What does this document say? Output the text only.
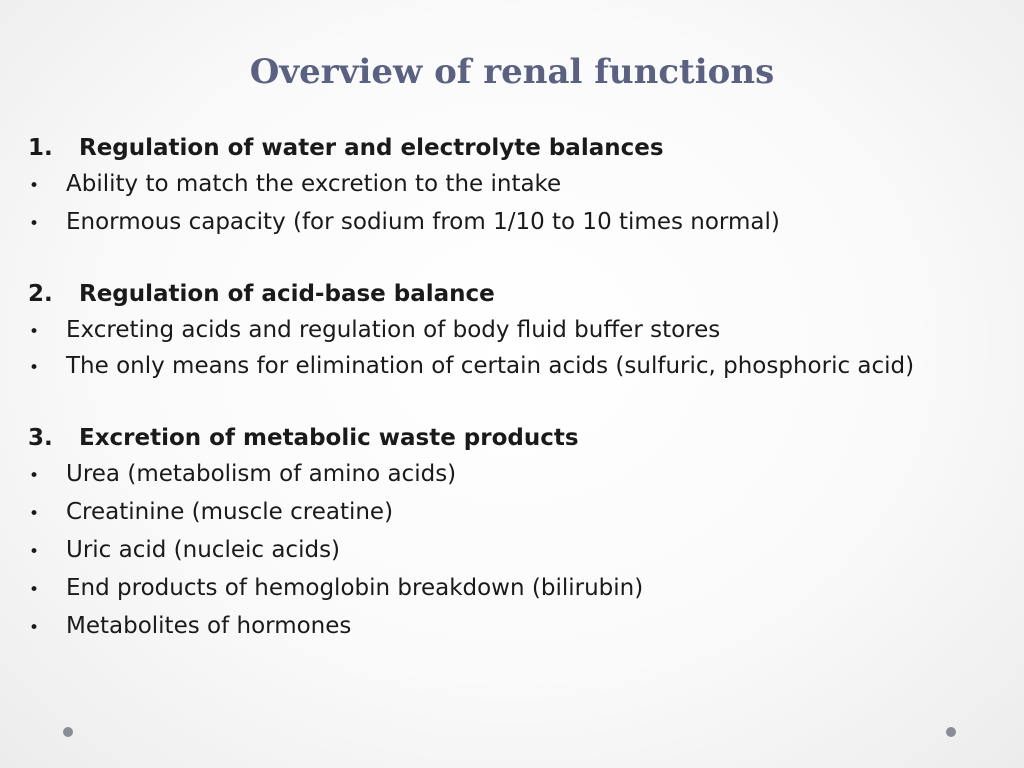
Overview of renal functions
1.	Regulation of water and electrolyte balances
•	Ability to match the excretion to the intake
•	Enormous capacity (for sodium from 1/10 to 10 times normal)
2.	Regulation of acid-base balance
•	Excreting acids and regulation of body fluid buffer stores
•	The only means for elimination of certain acids (sulfuric, phosphoric acid)
3.	Excretion of metabolic waste products
•	Urea (metabolism of amino acids)
•	Creatinine (muscle creatine)
•	Uric acid (nucleic acids)
•	End products of hemoglobin breakdown (bilirubin)
•	Metabolites of hormones
